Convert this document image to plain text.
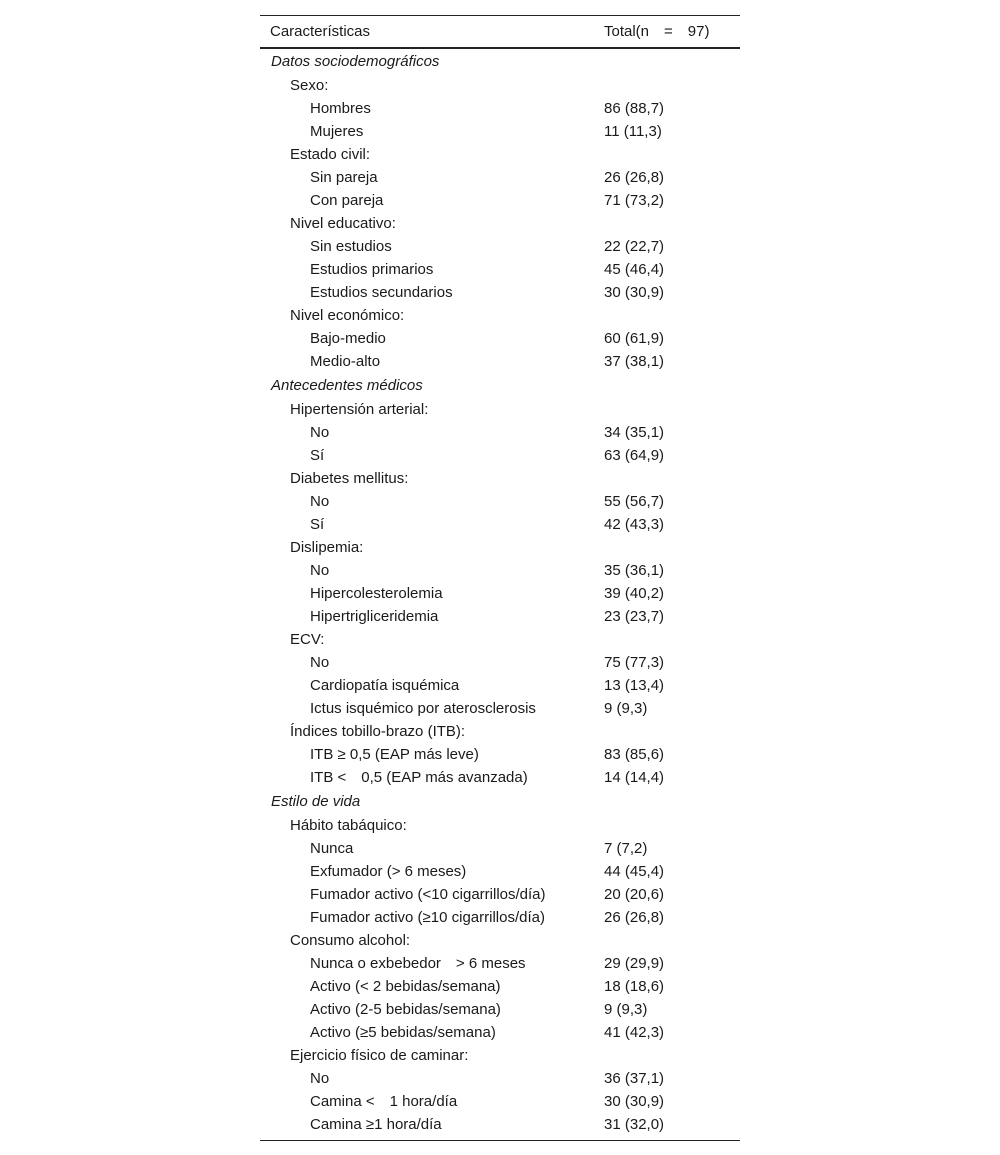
Características	Total(n = 97)
Datos sociodemográficos
Sexo:
Hombres	86 (88,7)
Mujeres	11 (11,3)
Estado civil:
Sin pareja	26 (26,8)
Con pareja	71 (73,2)
Nivel educativo:
Sin estudios	22 (22,7)
Estudios primarios	45 (46,4)
Estudios secundarios	30 (30,9)
Nivel económico:
Bajo-medio	60 (61,9)
Medio-alto	37 (38,1)
Antecedentes médicos
Hipertensión arterial:
No	34 (35,1)
Sí	63 (64,9)
Diabetes mellitus:
No	55 (56,7)
Sí	42 (43,3)
Dislipemia:
No	35 (36,1)
Hipercolesterolemia	39 (40,2)
Hipertrigliceridemia	23 (23,7)
ECV:
No	75 (77,3)
Cardiopatía isquémica	13 (13,4)
Ictus isquémico por aterosclerosis	9 (9,3)
Índices tobillo-brazo (ITB):
ITB ≥ 0,5 (EAP más leve)	83 (85,6)
ITB < 0,5 (EAP más avanzada)	14 (14,4)
Estilo de vida
Hábito tabáquico:
Nunca	7 (7,2)
Exfumador (> 6 meses)	44 (45,4)
Fumador activo (<10 cigarrillos/día)	20 (20,6)
Fumador activo (≥10 cigarrillos/día)	26 (26,8)
Consumo alcohol:
Nunca o exbebedor > 6 meses	29 (29,9)
Activo (< 2 bebidas/semana)	18 (18,6)
Activo (2-5 bebidas/semana)	9 (9,3)
Activo (≥5 bebidas/semana)	41 (42,3)
Ejercicio físico de caminar:
No	36 (37,1)
Camina < 1 hora/día	30 (30,9)
Camina ≥1 hora/día	31 (32,0)
